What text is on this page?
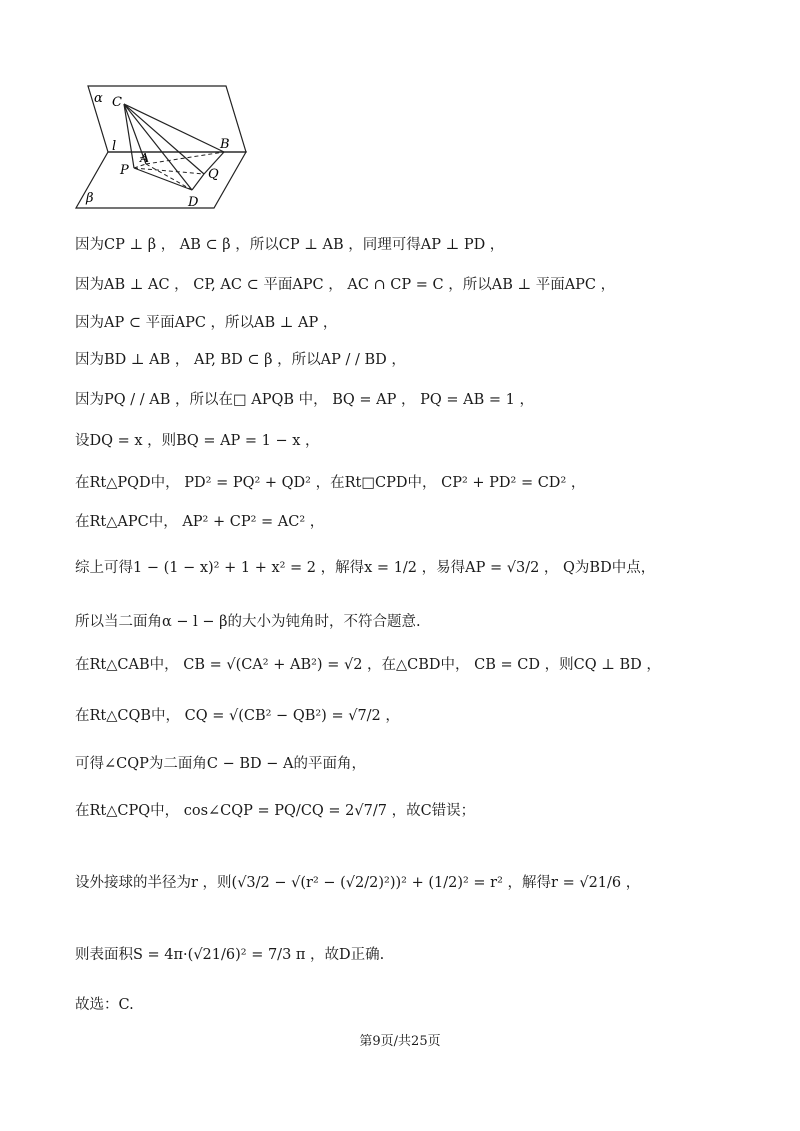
α
β
l
C
B
P
A
Q
D
因为CP ⊥ β ， AB ⊂ β ，所以CP ⊥ AB ，同理可得AP ⊥ PD ，
因为AB ⊥ AC ， CP, AC ⊂ 平面APC ， AC ∩ CP = C ，所以AB ⊥ 平面APC ，
因为AP ⊂ 平面APC ，所以AB ⊥ AP ，
因为BD ⊥ AB ， AP, BD ⊂ β ，所以AP / / BD ，
因为PQ / / AB ，所以在□ APQB 中， BQ = AP ， PQ = AB = 1 ，
设DQ = x ，则BQ = AP = 1 − x ，
在Rt△PQD中， PD² = PQ² + QD² ，在Rt□CPD中， CP² + PD² = CD² ，
在Rt△APC中， AP² + CP² = AC² ，
综上可得1 − (1 − x)² + 1 + x² = 2 ，解得x = 1/2 ，易得AP = √3/2 ， Q为BD中点，
所以当二面角α − l − β的大小为钝角时，不符合题意.
在Rt△CAB中， CB = √(CA² + AB²) = √2 ，在△CBD中， CB = CD ，则CQ ⊥ BD ，
在Rt△CQB中， CQ = √(CB² − QB²) = √7/2 ，
可得∠CQP为二面角C − BD − A的平面角，
在Rt△CPQ中， cos∠CQP = PQ/CQ = 2√7/7 ，故C错误；
设外接球的半径为r ，则(√3/2 − √(r² − (√2/2)²))² + (1/2)² = r² ，解得r = √21/6 ，
则表面积S = 4π·(√21/6)² = 7/3 π ，故D正确.
故选：C.
第9页/共25页
